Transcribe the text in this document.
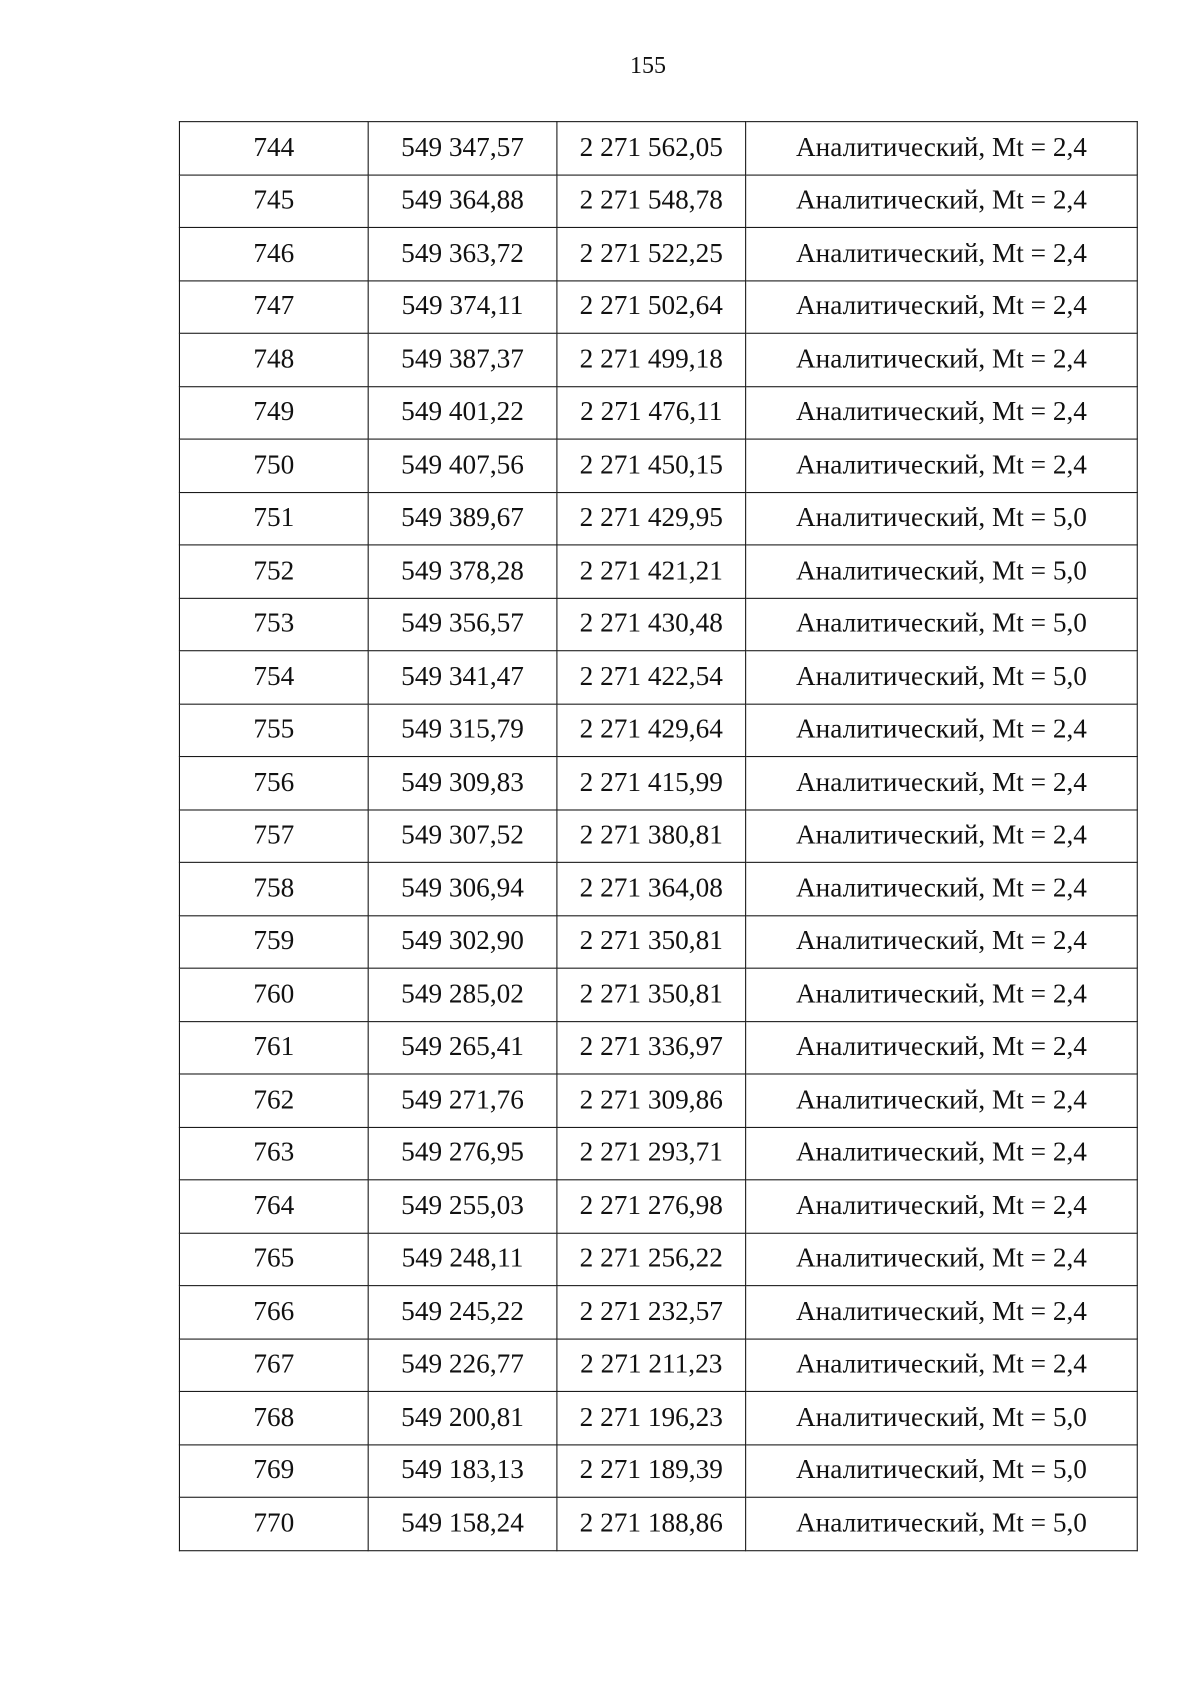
155
744	549 347,57	2 271 562,05	Аналитический, Mt = 2,4
745	549 364,88	2 271 548,78	Аналитический, Mt = 2,4
746	549 363,72	2 271 522,25	Аналитический, Mt = 2,4
747	549 374,11	2 271 502,64	Аналитический, Mt = 2,4
748	549 387,37	2 271 499,18	Аналитический, Mt = 2,4
749	549 401,22	2 271 476,11	Аналитический, Mt = 2,4
750	549 407,56	2 271 450,15	Аналитический, Mt = 2,4
751	549 389,67	2 271 429,95	Аналитический, Mt = 5,0
752	549 378,28	2 271 421,21	Аналитический, Mt = 5,0
753	549 356,57	2 271 430,48	Аналитический, Mt = 5,0
754	549 341,47	2 271 422,54	Аналитический, Mt = 5,0
755	549 315,79	2 271 429,64	Аналитический, Mt = 2,4
756	549 309,83	2 271 415,99	Аналитический, Mt = 2,4
757	549 307,52	2 271 380,81	Аналитический, Mt = 2,4
758	549 306,94	2 271 364,08	Аналитический, Mt = 2,4
759	549 302,90	2 271 350,81	Аналитический, Mt = 2,4
760	549 285,02	2 271 350,81	Аналитический, Mt = 2,4
761	549 265,41	2 271 336,97	Аналитический, Mt = 2,4
762	549 271,76	2 271 309,86	Аналитический, Mt = 2,4
763	549 276,95	2 271 293,71	Аналитический, Mt = 2,4
764	549 255,03	2 271 276,98	Аналитический, Mt = 2,4
765	549 248,11	2 271 256,22	Аналитический, Mt = 2,4
766	549 245,22	2 271 232,57	Аналитический, Mt = 2,4
767	549 226,77	2 271 211,23	Аналитический, Mt = 2,4
768	549 200,81	2 271 196,23	Аналитический, Mt = 5,0
769	549 183,13	2 271 189,39	Аналитический, Mt = 5,0
770	549 158,24	2 271 188,86	Аналитический, Mt = 5,0
